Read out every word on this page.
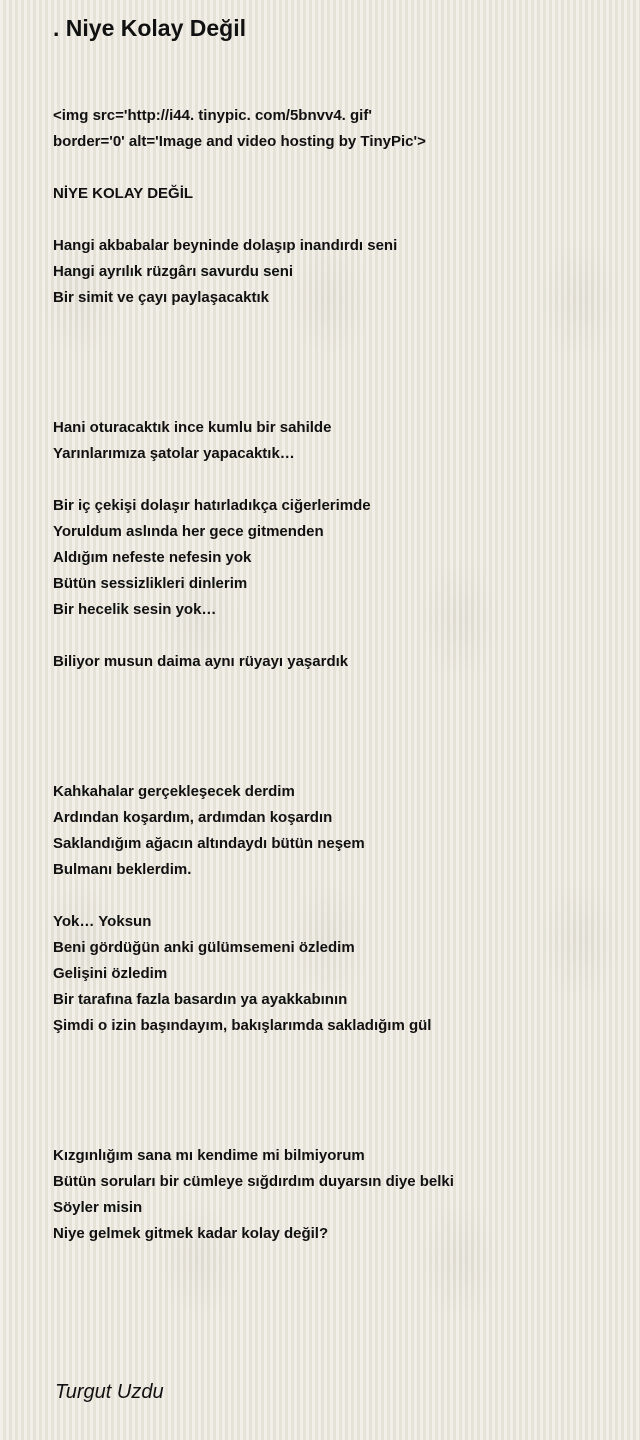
. Niye Kolay Değil
<img src='http://i44. tinypic. com/5bnvv4. gif'
border='0' alt='Image and video hosting by TinyPic'>
NİYE KOLAY DEĞİL
Hangi akbabalar beyninde dolaşıp inandırdı seni
Hangi ayrılık rüzgârı savurdu seni
Bir simit ve çayı paylaşacaktık
Hani oturacaktık ince kumlu bir sahilde
Yarınlarımıza şatolar yapacaktık…
Bir iç çekişi dolaşır hatırladıkça ciğerlerimde
Yoruldum aslında her gece gitmenden
Aldığım nefeste nefesin yok
Bütün sessizlikleri dinlerim
Bir hecelik sesin yok…
Biliyor musun daima aynı rüyayı yaşardık
Kahkahalar gerçekleşecek derdim
Ardından koşardım, ardımdan koşardın
Saklandığım ağacın altındaydı bütün neşem
Bulmanı beklerdim.
Yok… Yoksun
Beni gördüğün anki gülümsemeni özledim
Gelişini özledim
Bir tarafına fazla basardın ya ayakkabının
Şimdi o izin başındayım, bakışlarımda sakladığım gül
Kızgınlığım sana mı kendime mi bilmiyorum
Bütün soruları bir cümleye sığdırdım duyarsın diye belki
Söyler misin
Niye gelmek gitmek kadar kolay değil?
Turgut Uzdu
